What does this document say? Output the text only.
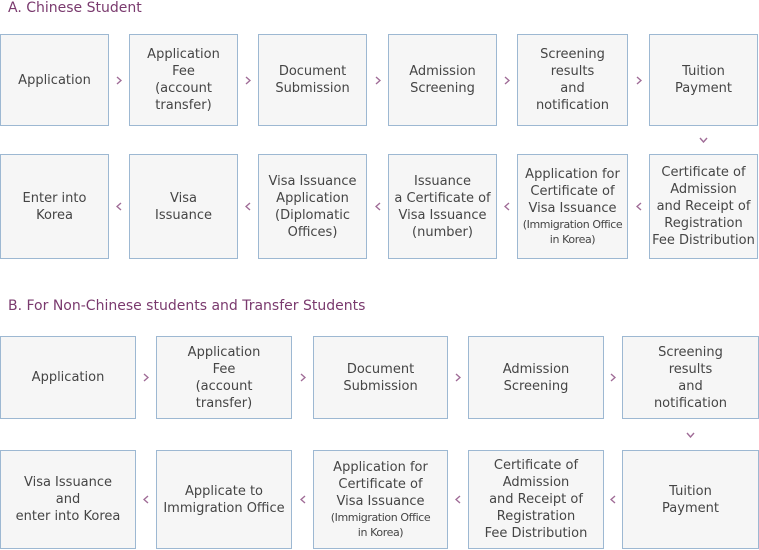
A. Chinese Student
B. For Non-Chinese students and Transfer Students
Application
Application
Fee
(account
transfer)
Document
Submission
Admission
Screening
Screening
results
and
notification
Tuition
Payment
Enter into
Korea
Visa
Issuance
Visa Issuance
Application
(Diplomatic
Offices)
Issuance
a Certificate of
Visa Issuance
(number)
Application for
Certificate of
Visa Issuance
(Immigration Office
in Korea)
Certificate of
Admission
and Receipt of
Registration
Fee Distribution
Application
Application
Fee
(account
transfer)
Document
Submission
Admission
Screening
Screening
results
and
notification
Visa Issuance
and
enter into Korea
Applicate to
Immigration Office
Application for
Certificate of
Visa Issuance
(Immigration Office
in Korea)
Certificate of
Admission
and Receipt of
Registration
Fee Distribution
Tuition
Payment
